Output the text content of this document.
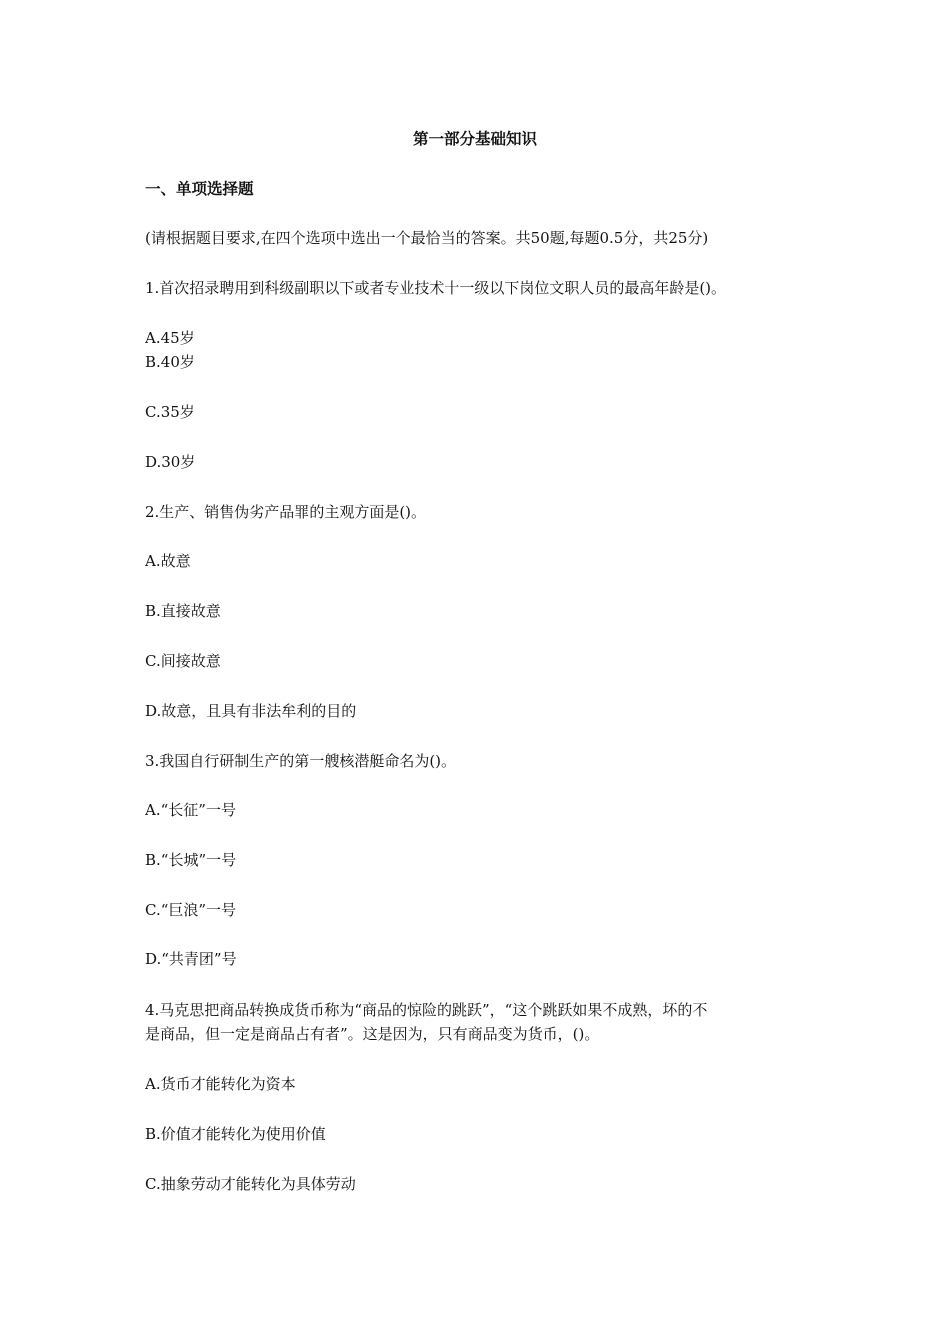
第一部分基础知识
一、单项选择题
(请根据题目要求,在四个选项中选出一个最恰当的答案。共50题,每题0.5分，共25分)
1.首次招录聘用到科级副职以下或者专业技术十一级以下岗位文职人员的最高年龄是()。
A.45岁
B.40岁
C.35岁
D.30岁
2.生产、销售伪劣产品罪的主观方面是()。
A.故意
B.直接故意
C.间接故意
D.故意，且具有非法牟利的目的
3.我国自行研制生产的第一艘核潜艇命名为()。
A.“长征”一号
B.“长城”一号
C.“巨浪”一号
D.“共青团”号
4.马克思把商品转换成货币称为“商品的惊险的跳跃”，“这个跳跃如果不成熟，坏的不
是商品，但一定是商品占有者”。这是因为，只有商品变为货币，()。
A.货币才能转化为资本
B.价值才能转化为使用价值
C.抽象劳动才能转化为具体劳动
